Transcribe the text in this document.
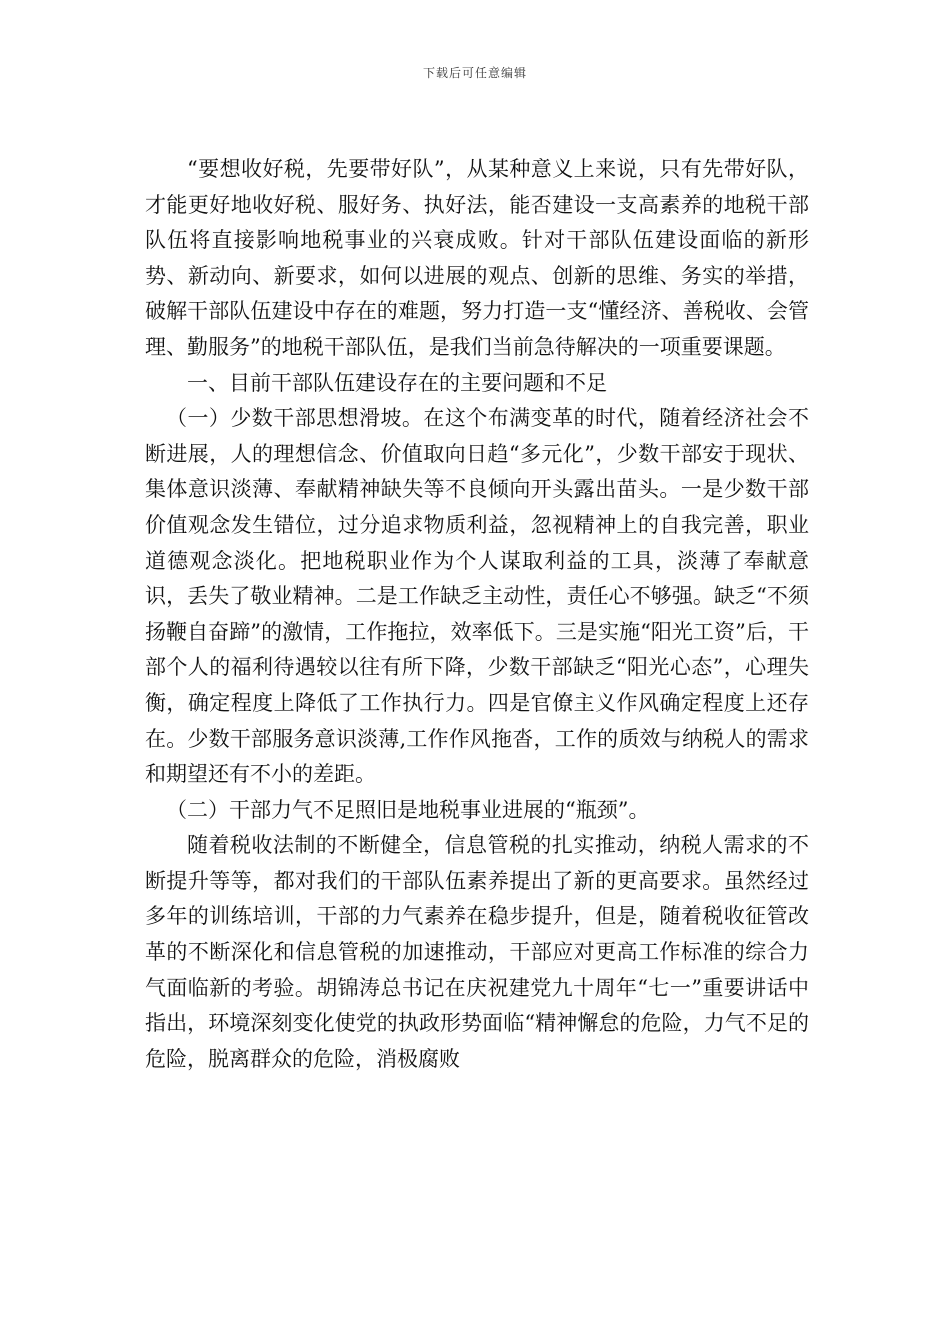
下载后可任意编辑

“要想收好税，先要带好队”，从某种意义上来说，只有先带好队，才能更好地收好税、服好务、执好法，能否建设一支高素养的地税干部队伍将直接影响地税事业的兴衰成败。针对干部队伍建设面临的新形势、新动向、新要求，如何以进展的观点、创新的思维、务实的举措，破解干部队伍建设中存在的难题，努力打造一支“懂经济、善税收、会管理、勤服务”的地税干部队伍，是我们当前急待解决的一项重要课题。

一、目前干部队伍建设存在的主要问题和不足

（一）少数干部思想滑坡。在这个布满变革的时代，随着经济社会不断进展，人的理想信念、价值取向日趋“多元化”，少数干部安于现状、集体意识淡薄、奉献精神缺失等不良倾向开头露出苗头。一是少数干部价值观念发生错位，过分追求物质利益，忽视精神上的自我完善，职业道德观念淡化。把地税职业作为个人谋取利益的工具，淡薄了奉献意识，丢失了敬业精神。二是工作缺乏主动性，责任心不够强。缺乏“不须扬鞭自奋蹄”的激情，工作拖拉，效率低下。三是实施“阳光工资”后，干部个人的福利待遇较以往有所下降，少数干部缺乏“阳光心态”，心理失衡，确定程度上降低了工作执行力。四是官僚主义作风确定程度上还存在。少数干部服务意识淡薄,工作作风拖沓，工作的质效与纳税人的需求和期望还有不小的差距。

（二）干部力气不足照旧是地税事业进展的“瓶颈”。

随着税收法制的不断健全，信息管税的扎实推动，纳税人需求的不断提升等等，都对我们的干部队伍素养提出了新的更高要求。虽然经过多年的训练培训，干部的力气素养在稳步提升，但是，随着税收征管改革的不断深化和信息管税的加速推动，干部应对更高工作标准的综合力气面临新的考验。胡锦涛总书记在庆祝建党九十周年“七一”重要讲话中指出，环境深刻变化使党的执政形势面临“精神懈怠的危险，力气不足的危险，脱离群众的危险，消极腐败
